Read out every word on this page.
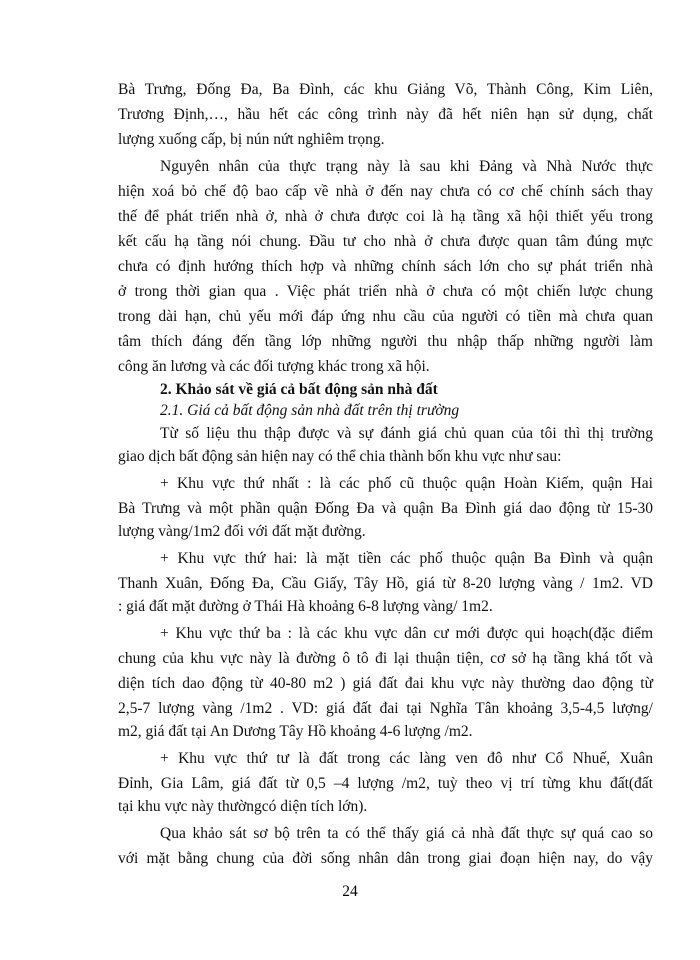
Bà Trưng, Đống Đa, Ba Đình, các khu Giảng Võ, Thành Công, Kim Liên,
Trương Định,…, hầu hết các công trình này đã hết niên hạn sử dụng, chất
lượng xuống cấp, bị nún nứt nghiêm trọng.
Nguyên nhân của thực trạng này là sau khi Đảng và Nhà Nước thực
hiện xoá bỏ chế độ bao cấp về nhà ở đến nay chưa có cơ chế chính sách thay
thế để phát triển nhà ở, nhà ở chưa được coi là hạ tầng xã hội thiết yếu trong
kết cấu hạ tầng nói chung. Đầu tư cho nhà ở chưa được quan tâm đúng mực
chưa có định hướng thích hợp và những chính sách lớn cho sự phát triển nhà
ở trong thời gian qua . Việc phát triển nhà ở chưa có một chiến lược chung
trong dài hạn, chủ yếu mới đáp ứng nhu cầu của người có tiền mà chưa quan
tâm thích đáng đến tầng lớp những người thu nhập thấp những người làm
công ăn lương và các đối tượng khác trong xã hội.
2. Khảo sát về giá cả bất động sản nhà đất
2.1. Giá cả bất động sản nhà đất trên thị trường
Từ số liệu thu thập được và sự đánh giá chủ quan của tôi thì thị trường
giao dịch bất động sản hiện nay có thể chia thành bốn khu vực như sau:
+ Khu vực thứ nhất : là các phố cũ thuộc quận Hoàn Kiếm, quận Hai
Bà Trưng và một phần quận Đống Đa và quận Ba Đình giá dao động từ 15-30
lượng vàng/1m2 đối với đất mặt đường.
+ Khu vực thứ hai: là mặt tiền các phố thuộc quận Ba Đình và quận
Thanh Xuân, Đống Đa, Cầu Giấy, Tây Hồ, giá từ 8-20 lượng vàng / 1m2. VD
: giá đất mặt đường ở Thái Hà khoảng 6-8 lượng vàng/ 1m2.
+ Khu vực thứ ba : là các khu vực dân cư mới được qui hoạch(đặc điểm
chung của khu vực này là đường ô tô đi lại thuận tiện, cơ sở hạ tầng khá tốt và
diện tích dao động từ 40-80 m2 ) giá đất đai khu vực này thường dao động từ
2,5-7 lượng vàng /1m2 . VD: giá đất đai tại Nghĩa Tân khoảng 3,5-4,5 lượng/
m2, giá đất tại An Dương Tây Hồ khoảng 4-6 lượng /m2.
+ Khu vực thứ tư là đất trong các làng ven đô như Cổ Nhuế, Xuân
Đỉnh, Gia Lâm, giá đất từ 0,5 –4 lượng /m2, tuỳ theo vị trí từng khu đất(đất
tại khu vực này thườngcó diện tích lớn).
Qua khảo sát sơ bộ trên ta có thể thấy giá cả nhà đất thực sự quá cao so
với mặt bằng chung của đời sống nhân dân trong giai đoạn hiện nay, do vậy
24
